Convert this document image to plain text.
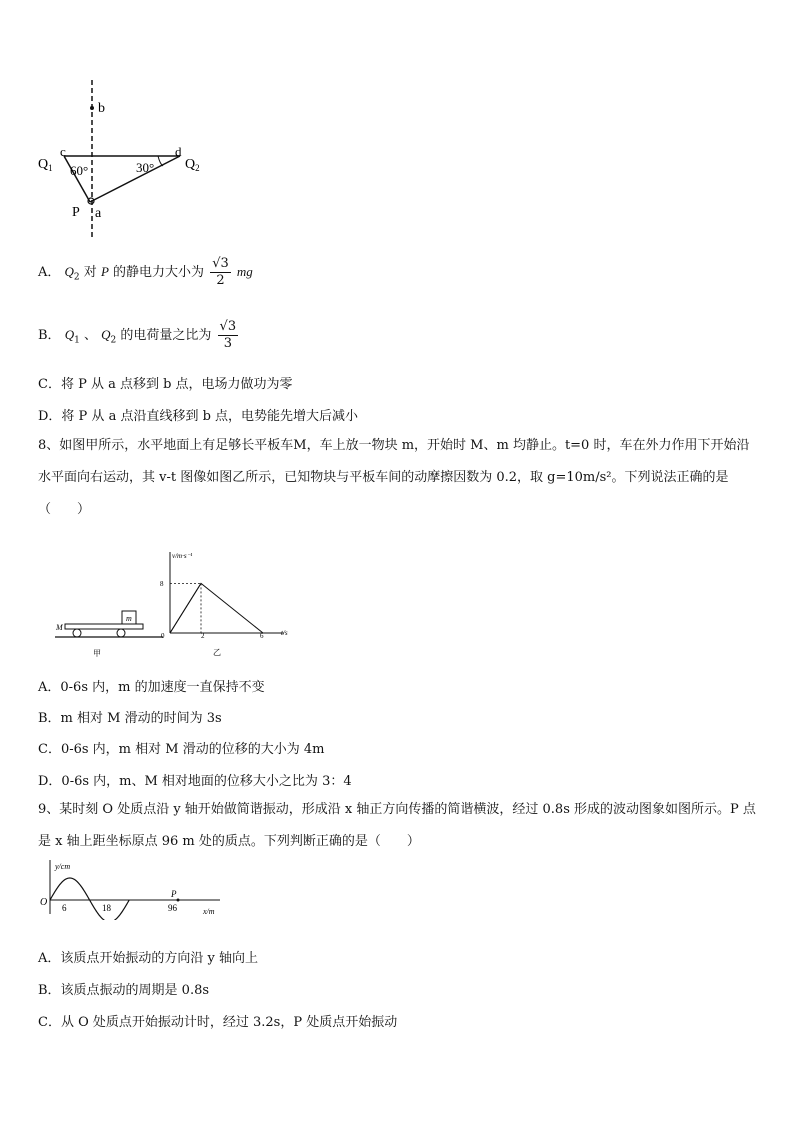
b
c	d
$Q_1$	$Q_2$
60°	30°
P a
A． $Q_2$ 对 P 的静电力大小为 $\frac{√3}{2}$ mg
B． $Q_1$ 、 $Q_2$ 的电荷量之比为 $\frac{√3}{3}$
C．将 P 从 a 点移到 b 点，电场力做功为零
D．将 P 从 a 点沿直线移到 b 点，电势能先增大后减小
8、如图甲所示，水平地面上有足够长平板车M，车上放一物块 m，开始时 M、m 均静止。t=0 时，车在外力作用下开始沿水平面向右运动，其 v-t 图像如图乙所示，已知物块与平板车间的动摩擦因数为 0.2，取 g=10m/s²。下列说法正确的是（　　）
m
M
甲
v/m·s⁻¹
t/s
8
0	2	6
乙
A．0-6s 内，m 的加速度一直保持不变
B．m 相对 M 滑动的时间为 3s
C．0-6s 内，m 相对 M 滑动的位移的大小为 4m
D．0-6s 内，m、M 相对地面的位移大小之比为 3：4
9、某时刻 O 处质点沿 y 轴开始做简谐振动，形成沿 x 轴正方向传播的简谐横波，经过 0.8s 形成的波动图象如图所示。P 点是 x 轴上距坐标原点 96 m 处的质点。下列判断正确的是（　　）
y/cm
x/m
O 6	18	96
P
A．该质点开始振动的方向沿 y 轴向上
B．该质点振动的周期是 0.8s
C．从 O 处质点开始振动计时，经过 3.2s，P 处质点开始振动
